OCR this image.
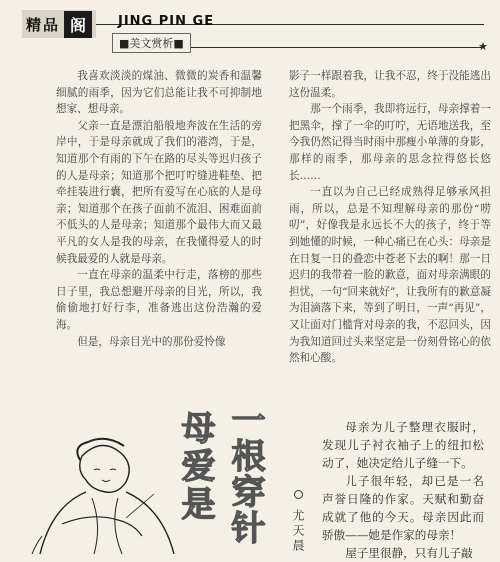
★
精品 阁	JING PIN GE
■美文赏析■

我喜欢淡淡的煤油、微微的炭香和温馨细腻的雨季，因为它们总能让我不可抑制地想家、想母亲。

父亲一直是漂泊船般地奔波在生活的旁岸中，于是母亲就成了我们的港湾，于是，知道那个有雨的下午在路的尽头等迟归孩子的人是母亲；知道那个把叮咛缝进鞋垫、把牵挂装进行囊，把所有爱写在心底的人是母亲；知道那个在孩子面前不流泪、困难面前不低头的人是母亲；知道那个最伟大而又最平凡的女人是我的母亲，在我懂得爱人的时候我最爱的人就是母亲。

一直在母亲的温柔中行走，落榜的那些日子里，我总想避开母亲的目光，所以，我偷偷地打好行李，准备逃出这份浩瀚的爱海。

但是，母亲目光中的那份爱怜像

影子一样跟着我，让我不忍，终于没能逃出这份温柔。

那一个雨季，我即将远行，母亲撑着一把黑伞，撑了一伞的叮咛，无语地送我，至今我仍然记得当时雨中那瘦小单薄的身影，那样的雨季，那母亲的思念拉得悠长悠长……

一直以为自己已经成熟得足够承风担雨，所以，总是不知理解母亲的那份“唠叨”，好像我是永远长不大的孩子，终于等到她懂的时候，一种心痛已在心头：母亲是在日复一日的叠恋中苍老下去的啊！那一日迟归的我带着一脸的歉意，面对母亲满眼的担忧，一句“回来就好”，让我所有的歉意凝为泪滴落下来，等到了明日，一声“再见”，又让面对门槛背对母亲的我，不忍回头，因为我知道回过头来坚定是一份刻骨铭心的依然和心酸。

一根穿针
母爱是
尤天晨

母亲为儿子整理衣服时，发现儿子衬衣袖子上的纽扣松动了，她决定给儿子缝一下。

儿子很年轻，却已是一名声誉日隆的作家。天赋和勤奋成就了他的今天。母亲因此而骄傲——她是作家的母亲！

屋子里很静，只有儿子敲
